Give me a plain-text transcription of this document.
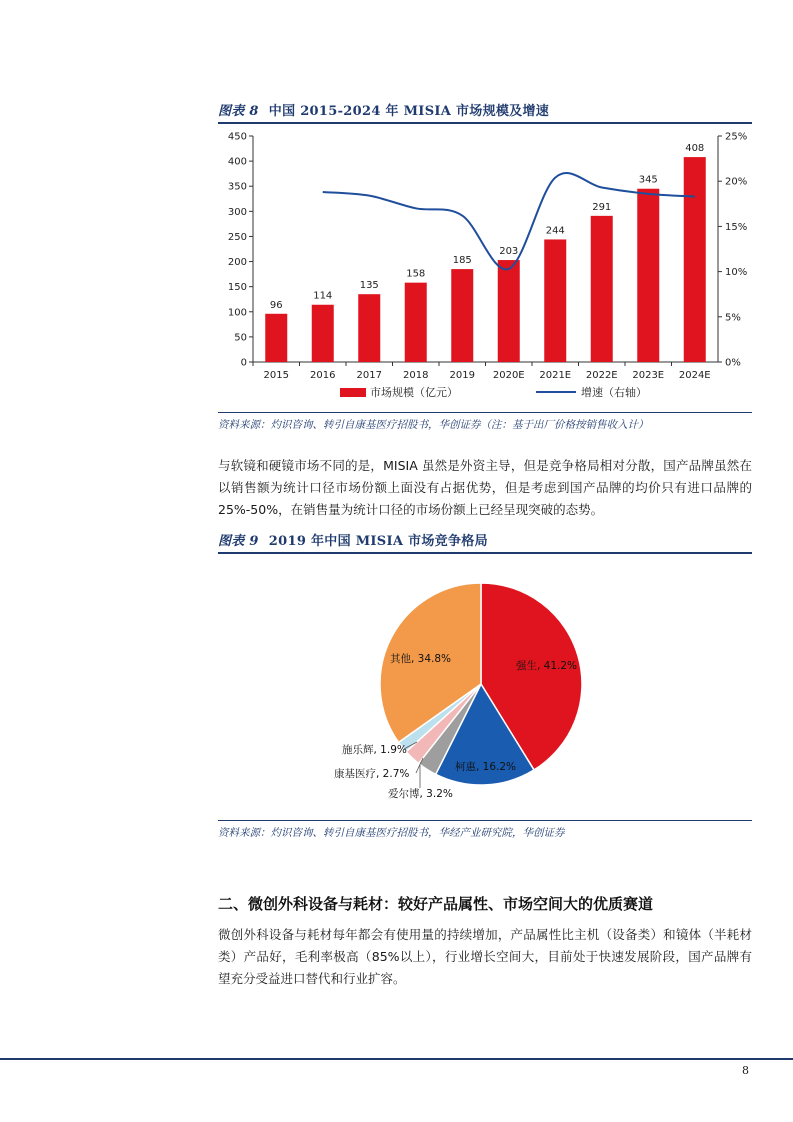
图表 8 中国 2015-2024 年 MISIA 市场规模及增速
0
50
100
150
200
250
300
350
400
450
0%
5%
10%
15%
20%
25%
96
2015
114
2016
135
2017
158
2018
185
2019
203
2020E
244
2021E
291
2022E
345
2023E
408
2024E
市场规模（亿元）	增速（右轴）
资料来源：灼识咨询、转引自康基医疗招股书，华创证券（注：基于出厂价格按销售收入计）
与软镜和硬镜市场不同的是，MISIA 虽然是外资主导，但是竞争格局相对分散，国产品牌虽然在以销售额为统计口径市场份额上面没有占据优势，但是考虑到国产品牌的均价只有进口品牌的 25%-50%，在销售量为统计口径的市场份额上已经呈现突破的态势。
图表 9 2019 年中国 MISIA 市场竞争格局
强生, 41.2%
柯惠, 16.2%
爱尔博, 3.2%
康基医疗, 2.7%
施乐辉, 1.9%
其他, 34.8%
资料来源：灼识咨询、转引自康基医疗招股书，华经产业研究院，华创证券
二、微创外科设备与耗材：较好产品属性、市场空间大的优质赛道
微创外科设备与耗材每年都会有使用量的持续增加，产品属性比主机（设备类）和镜体（半耗材类）产品好，毛利率极高（85%以上），行业增长空间大，目前处于快速发展阶段，国产品牌有望充分受益进口替代和行业扩容。
8
